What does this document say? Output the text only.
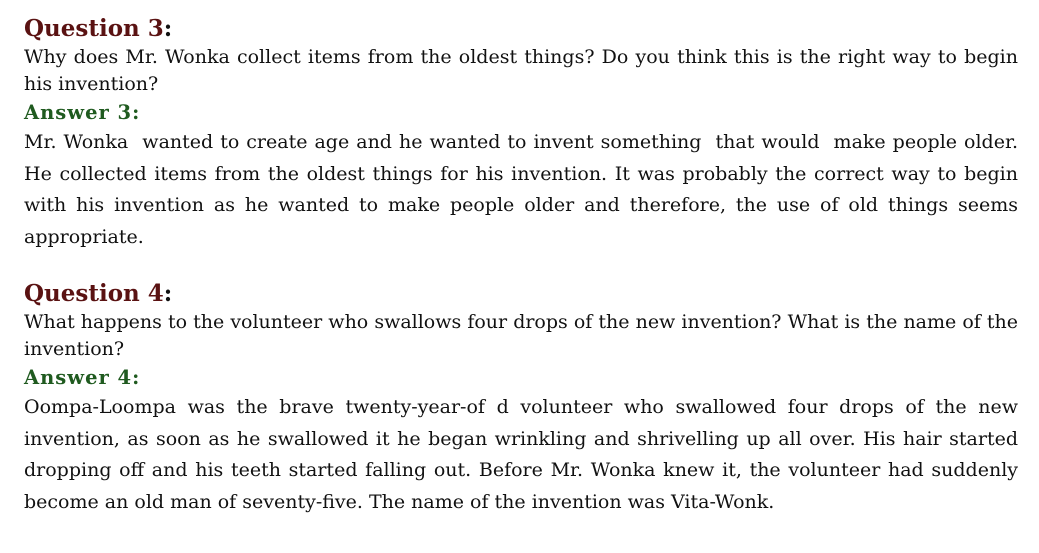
Question 3:

Why does Mr. Wonka collect items from the oldest things? Do you think this is the right way to begin his invention?

Answer 3:

Mr. Wonka  wanted to create age and he wanted to invent something  that would  make people older. He collected items from the oldest things for his invention. It was probably the correct way to begin with his invention as he wanted to make people older and therefore, the use of old things seems appropriate.

Question 4:

What happens to the volunteer who swallows four drops of the new invention? What is the name of the invention?

Answer 4:

Oompa-Loompa was the brave twenty-year-of d volunteer who swallowed four drops of the new invention, as soon as he swallowed it he began wrinkling and shrivelling up all over. His hair started dropping off and his teeth started falling out. Before Mr. Wonka knew it, the volunteer had suddenly become an old man of seventy-five. The name of the invention was Vita-Wonk.
